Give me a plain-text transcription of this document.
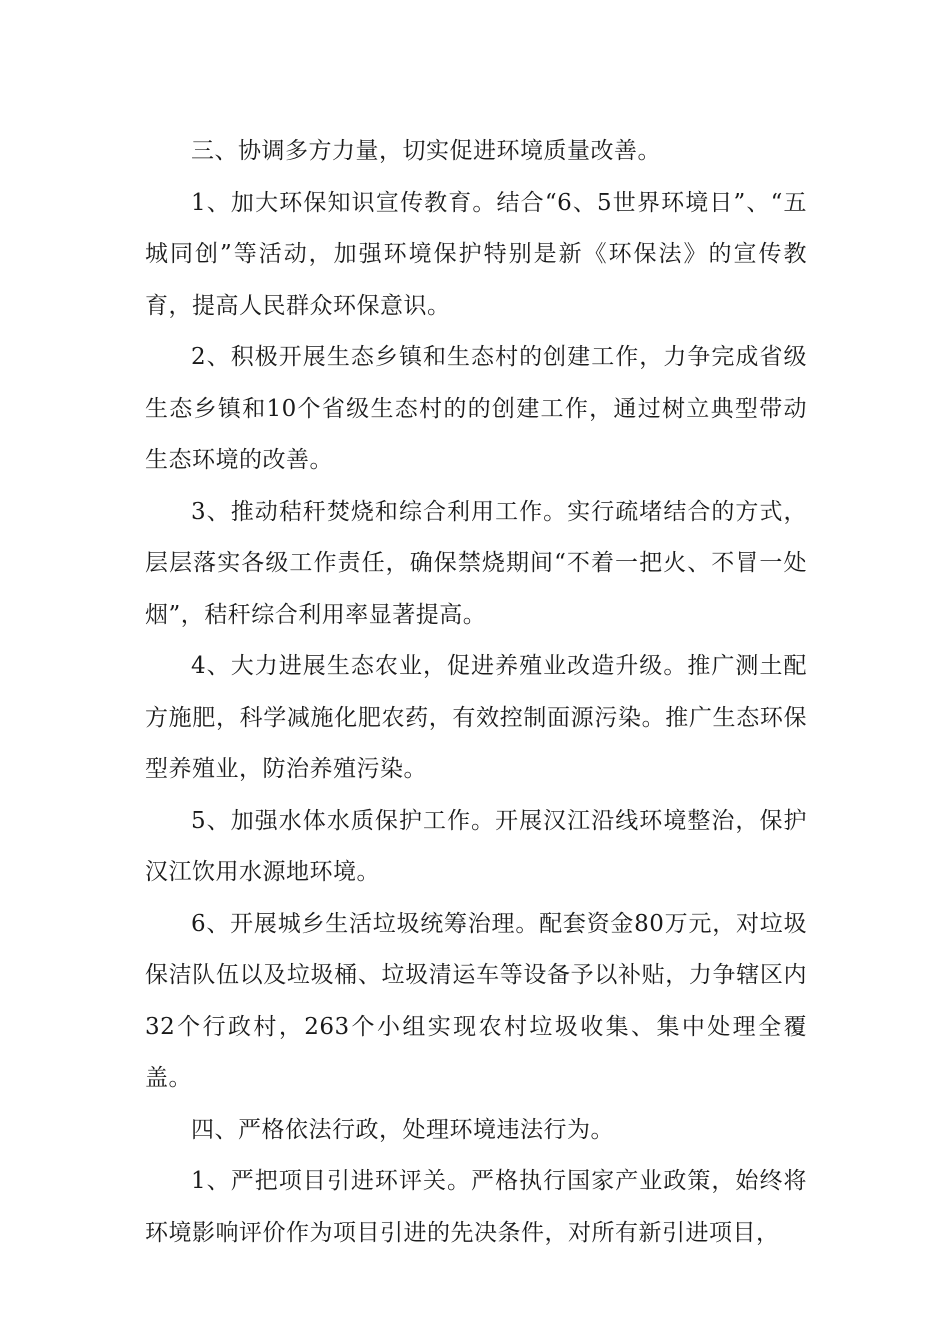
三、协调多方力量，切实促进环境质量改善。

1、加大环保知识宣传教育。结合“6、5世界环境日”、“五城同创”等活动，加强环境保护特别是新《环保法》的宣传教育，提高人民群众环保意识。

2、积极开展生态乡镇和生态村的创建工作，力争完成省级生态乡镇和10个省级生态村的的创建工作，通过树立典型带动生态环境的改善。

3、推动秸秆焚烧和综合利用工作。实行疏堵结合的方式，层层落实各级工作责任，确保禁烧期间“不着一把火、不冒一处烟”，秸秆综合利用率显著提高。

4、大力进展生态农业，促进养殖业改造升级。推广测土配方施肥，科学减施化肥农药，有效控制面源污染。推广生态环保型养殖业，防治养殖污染。

5、加强水体水质保护工作。开展汉江沿线环境整治，保护汉江饮用水源地环境。

6、开展城乡生活垃圾统筹治理。配套资金80万元，对垃圾保洁队伍以及垃圾桶、垃圾清运车等设备予以补贴，力争辖区内32个行政村，263个小组实现农村垃圾收集、集中处理全覆盖。

四、严格依法行政，处理环境违法行为。

1、严把项目引进环评关。严格执行国家产业政策，始终将环境影响评价作为项目引进的先决条件，对所有新引进项目，
